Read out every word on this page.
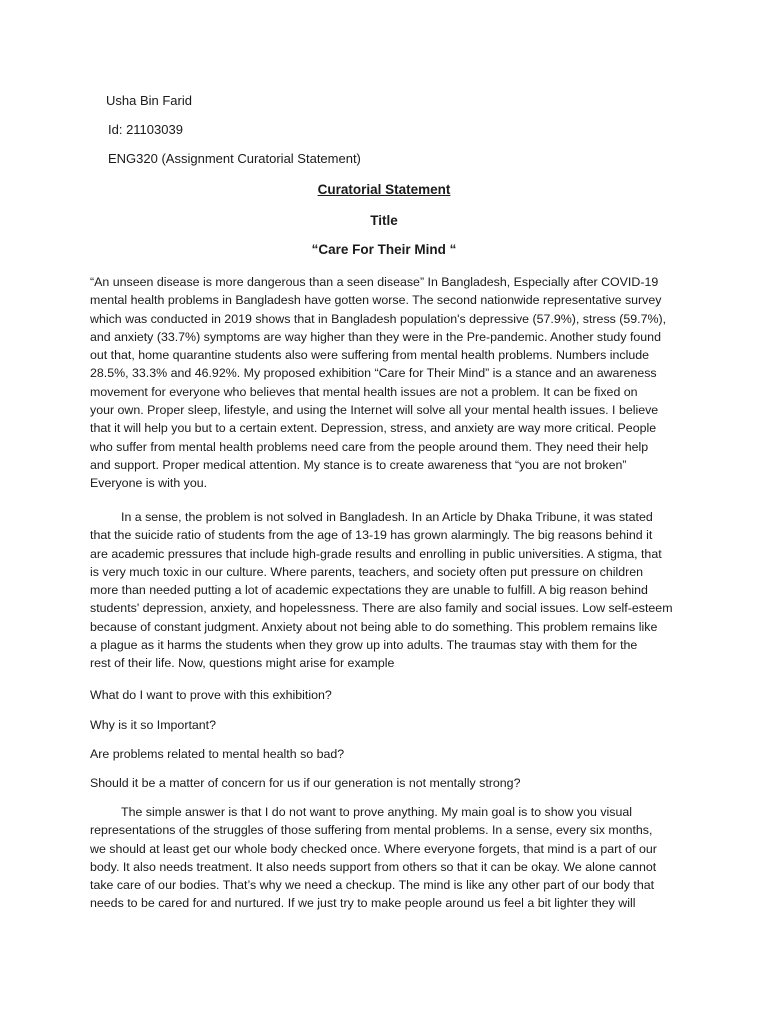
Usha Bin Farid
Id: 21103039
ENG320 (Assignment Curatorial Statement)
Curatorial Statement
Title
“Care For Their Mind “
“An unseen disease is more dangerous than a seen disease” In Bangladesh, Especially after COVID-19
mental health problems in Bangladesh have gotten worse. The second nationwide representative survey
which was conducted in 2019 shows that in Bangladesh population's depressive (57.9%), stress (59.7%),
and anxiety (33.7%) symptoms are way higher than they were in the Pre-pandemic. Another study found
out that, home quarantine students also were suffering from mental health problems. Numbers include
28.5%, 33.3% and 46.92%. My proposed exhibition “Care for Their Mind” is a stance and an awareness
movement for everyone who believes that mental health issues are not a problem. It can be fixed on
your own. Proper sleep, lifestyle, and using the Internet will solve all your mental health issues. I believe
that it will help you but to a certain extent. Depression, stress, and anxiety are way more critical. People
who suffer from mental health problems need care from the people around them. They need their help
and support. Proper medical attention. My stance is to create awareness that “you are not broken”
Everyone is with you.
In a sense, the problem is not solved in Bangladesh. In an Article by Dhaka Tribune, it was stated
that the suicide ratio of students from the age of 13-19 has grown alarmingly. The big reasons behind it
are academic pressures that include high-grade results and enrolling in public universities. A stigma, that
is very much toxic in our culture. Where parents, teachers, and society often put pressure on children
more than needed putting a lot of academic expectations they are unable to fulfill. A big reason behind
students' depression, anxiety, and hopelessness. There are also family and social issues. Low self-esteem
because of constant judgment. Anxiety about not being able to do something. This problem remains like
a plague as it harms the students when they grow up into adults. The traumas stay with them for the
rest of their life. Now, questions might arise for example
What do I want to prove with this exhibition?
Why is it so Important?
Are problems related to mental health so bad?
Should it be a matter of concern for us if our generation is not mentally strong?
The simple answer is that I do not want to prove anything. My main goal is to show you visual
representations of the struggles of those suffering from mental problems. In a sense, every six months,
we should at least get our whole body checked once. Where everyone forgets, that mind is a part of our
body. It also needs treatment. It also needs support from others so that it can be okay. We alone cannot
take care of our bodies. That’s why we need a checkup. The mind is like any other part of our body that
needs to be cared for and nurtured. If we just try to make people around us feel a bit lighter they will
